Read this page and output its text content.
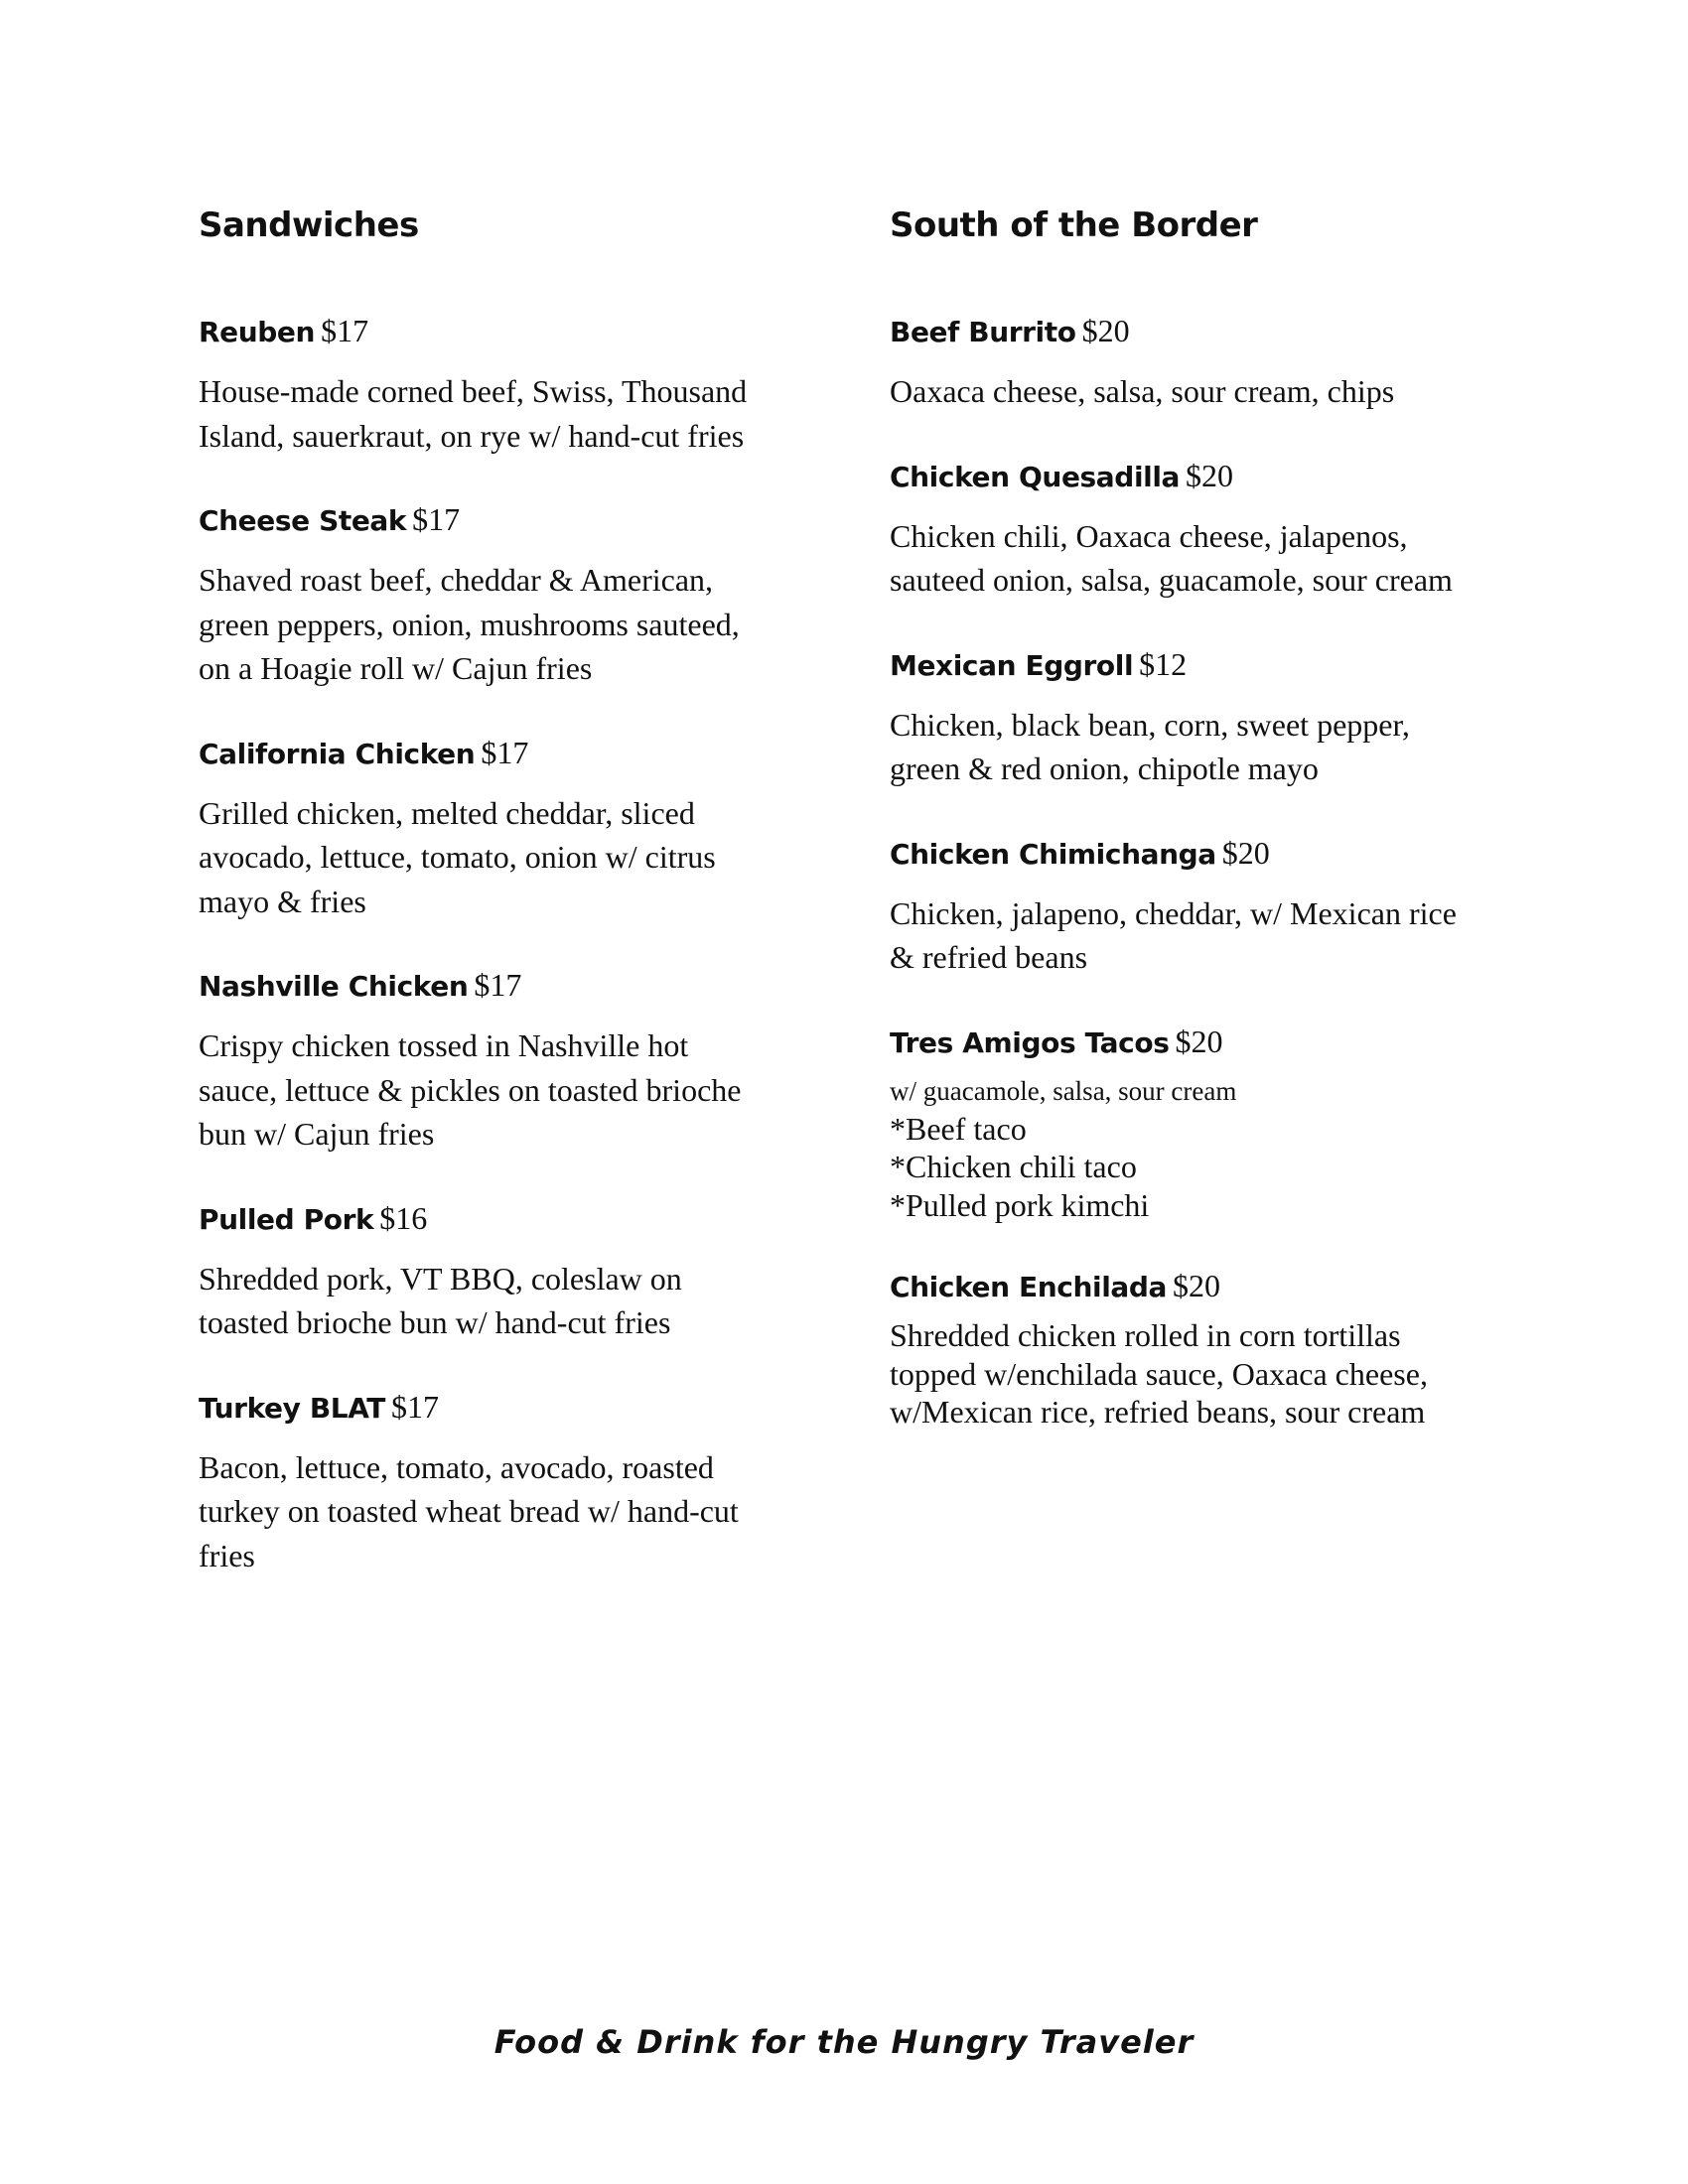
Sandwiches
Reuben $17
House-made corned beef, Swiss, Thousand
Island, sauerkraut, on rye w/ hand-cut fries
Cheese Steak $17
Shaved roast beef, cheddar & American,
green peppers, onion, mushrooms sauteed,
on a Hoagie roll w/ Cajun fries
California Chicken $17
Grilled chicken, melted cheddar, sliced
avocado, lettuce, tomato, onion w/ citrus
mayo & fries
Nashville Chicken $17
Crispy chicken tossed in Nashville hot
sauce, lettuce & pickles on toasted brioche
bun w/ Cajun fries
Pulled Pork $16
Shredded pork, VT BBQ, coleslaw on
toasted brioche bun w/ hand-cut fries
Turkey BLAT $17
Bacon, lettuce, tomato, avocado, roasted
turkey on toasted wheat bread w/ hand-cut
fries
South of the Border
Beef Burrito $20
Oaxaca cheese, salsa, sour cream, chips
Chicken Quesadilla $20
Chicken chili, Oaxaca cheese, jalapenos,
sauteed onion, salsa, guacamole, sour cream
Mexican Eggroll $12
Chicken, black bean, corn, sweet pepper,
green & red onion, chipotle mayo
Chicken Chimichanga $20
Chicken, jalapeno, cheddar, w/ Mexican rice
& refried beans
Tres Amigos Tacos $20
w/ guacamole, salsa, sour cream
*Beef taco
*Chicken chili taco
*Pulled pork kimchi
Chicken Enchilada $20
Shredded chicken rolled in corn tortillas
topped w/enchilada sauce, Oaxaca cheese,
w/Mexican rice, refried beans, sour cream
Food & Drink for the Hungry Traveler
